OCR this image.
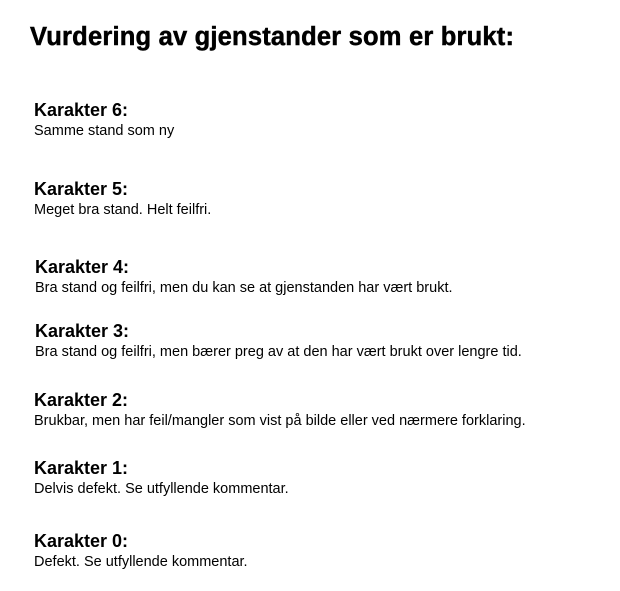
Vurdering av gjenstander som er brukt:

Karakter 6:

Samme stand som ny

Karakter 5:

Meget bra stand. Helt feilfri.

Karakter 4:

Bra stand og feilfri, men du kan se at gjenstanden har vært brukt.

Karakter 3:

Bra stand og feilfri, men bærer preg av at den har vært brukt over lengre tid.

Karakter 2:

Brukbar, men har feil/mangler som vist på bilde eller ved nærmere forklaring.

Karakter 1:

Delvis defekt. Se utfyllende kommentar.

Karakter 0:

Defekt. Se utfyllende kommentar.
